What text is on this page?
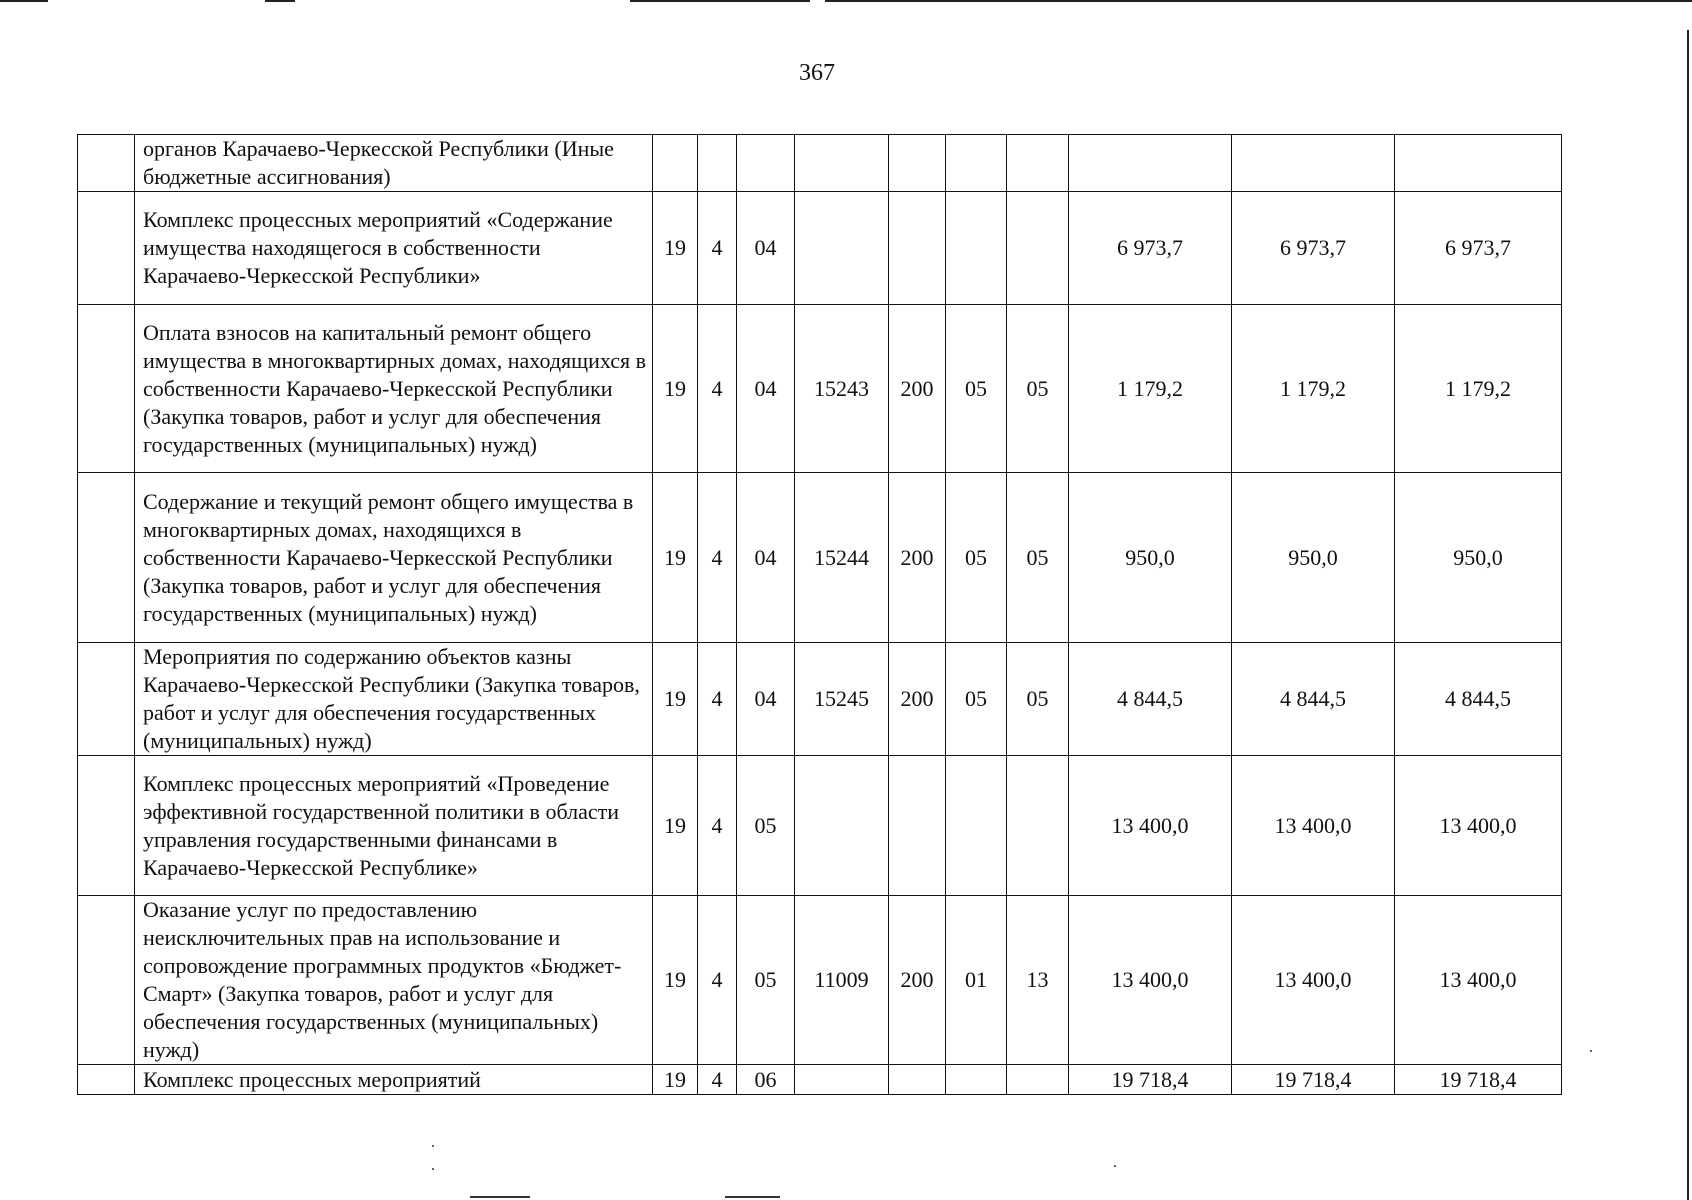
367
	органов Карачаево-Черкесской Республики (Иные бюджетные ассигнования)										
	Комплекс процессных мероприятий «Содержание имущества находящегося в собственности Карачаево-Черкесской Республики»	19	4	04					6 973,7	6 973,7	6 973,7
	Оплата взносов на капитальный ремонт общего имущества в многоквартирных домах, находящихся в собственности Карачаево-Черкесской Республики (Закупка товаров, работ и услуг для обеспечения государственных (муниципальных) нужд)	19	4	04	15243	200	05	05	1 179,2	1 179,2	1 179,2
	Содержание и текущий ремонт общего имущества в многоквартирных домах, находящихся в собственности Карачаево-Черкесской Республики (Закупка товаров, работ и услуг для обеспечения государственных (муниципальных) нужд)	19	4	04	15244	200	05	05	950,0	950,0	950,0
	Мероприятия по содержанию объектов казны Карачаево-Черкесской Республики (Закупка товаров, работ и услуг для обеспечения государственных (муниципальных) нужд)	19	4	04	15245	200	05	05	4 844,5	4 844,5	4 844,5
	Комплекс процессных мероприятий «Проведение эффективной государственной политики в области управления государственными финансами в Карачаево-Черкесской Республике»	19	4	05					13 400,0	13 400,0	13 400,0
	Оказание услуг по предоставлению неисключительных прав на использование и сопровождение программных продуктов «Бюджет-Смарт» (Закупка товаров, работ и услуг для обеспечения государственных (муниципальных) нужд)	19	4	05	11009	200	01	13	13 400,0	13 400,0	13 400,0
	Комплекс процессных мероприятий	19	4	06					19 718,4	19 718,4	19 718,4
